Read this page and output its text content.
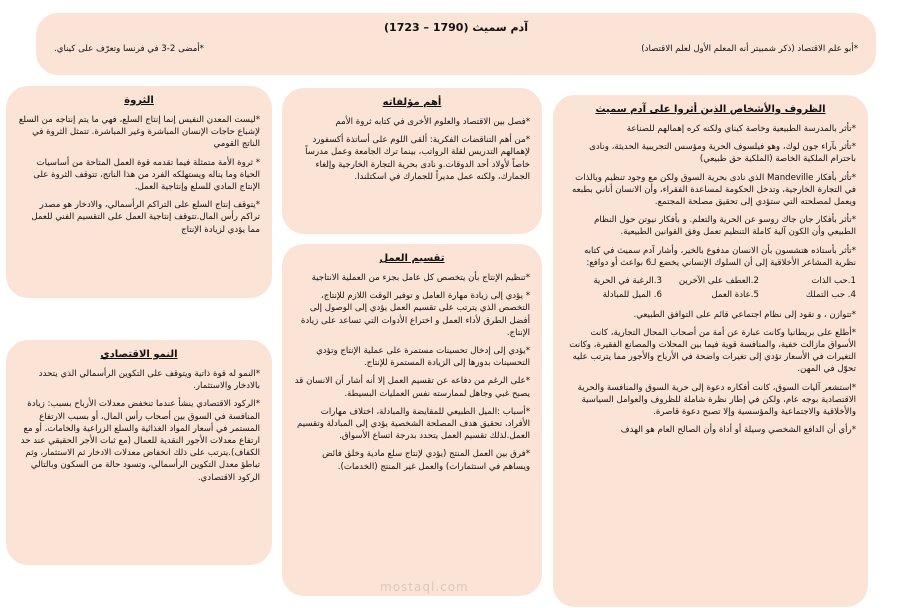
آدم سميث (1790 – 1723)
*أبو علم الاقتصاد (ذكر شمبيتر أنه المعلم الأول لعلم الاقتصاد)
*أمضى 2-3 في فرنسا وتعرّف على كيناي.
الظروف والأشخاص الذين أثروا على آدم سميث

*تأثر بالمدرسة الطبيعية وخاصة كيناي ولكنه كره إهمالهم للصناعة

*تأثر بآراء جون لوك، وهو فيلسوف الحرية ومؤسس التجريبية الحديثة، ونادى باحترام الملكية الخاصة (الملكية حق طبيعي)

*تأثر بأفكار Mandeville الذي نادى بحرية السوق ولكن مع وجود تنظيم وبالذات في التجارة الخارجية، وتدخل الحكومة لمساعدة الفقراء، وأن الانسان أناني بطبعه ويعمل لمصلحته التي ستؤدي إلى تحقيق مصلحة المجتمع.

*تأثر بأفكار جان جاك روسو عن الحرية والتعلم. و بأفكار نيوتن حول النظام الطبيعي وأن الكون آلية كاملة التنظيم تعمل وفق القوانين الطبيعية.

*تأثر بأستاذه هتشسون بأن الانسان مدفوع بالخير، وأشار آدم سميث في كتابه نظرية المشاعر الأخلاقية إلى أن السلوك الإنساني يخضع لـ6 بواعث أو دوافع:

1.حب الذات
2.العطف على الآخرين
3.الرغبة في الحرية
4. حب التملك
5.عادة العمل
6. الميل للمبادلة

*تتوازن ، و تقود إلى نظام اجتماعي قائم على التوافق الطبيعي.

*أطلع على بريطانيا وكانت عبارة عن أمة من أصحاب المحال التجارية، كانت الأسواق مازالت خفية، والمنافسة قوية فيما بين المحلات والمصانع الفقيرة، وكانت التغيرات في الأسعار تؤدي إلى تغيرات واضحة في الأرباح والأجور مما يترتب عليه تحوّل في المهن.

*استشعر آليات السوق، كانت أفكاره دعوة إلى حرية السوق والمنافسة والحرية الاقتصادية بوجه عام، ولكن في إطار نظرة شاملة للظروف والعوامل السياسية والأخلاقية والاجتماعية والمؤسسية وإلا تصبح دعوة قاصرة.

*رأي أن الدافع الشخصي وسيلة أو أداة وأن الصالح العام هو الهدف

أهم مؤلفاته

*فصل بين الاقتصاد والعلوم الأخرى في كتابه ثروة الأمم

*من أهم التناقضات الفكرية: ألقى اللوم على أساتذة أكسفورد لإهمالهم التدريس لقلة الرواتب، بينما ترك الجامعة وعمل مدرساً خاصاً لأولاد أحد الدوقات.و نادى بحرية التجارة الخارجية وإلغاء الجمارك، ولكنه عمل مديراً للجمارك في اسكتلندا.

تقسيم العمل

*تنظيم الإنتاج بأن يتخصص كل عامل بجزء من العملية الانتاجية

* يؤدي إلى زيادة مهارة العامل و توفير الوقت اللازم للإنتاج، التخصص الذي يترتب على تقسيم العمل يؤدي إلى الوصول إلى أفضل الطرق لأداء العمل و اختراع الأدوات التي تساعد على زيادة الإنتاج.

*يؤدي إلى إدخال تحسينات مستمرة على عملية الإنتاج وتؤدي التحسينات بدورها إلى الزيادة المستمرة للإنتاج.

*على الرغم من دفاعه عن تقسيم العمل إلا أنه أشار أن الانسان قد يصبح غبي وجاهل لممارسته نفس العمليات البسيطة.

*أسباب :الميل الطبيعي للمقايضة والمبادلة، اختلاف مهارات الأفراد، تحقيق هدف المصلحة الشخصية يؤدي إلى المبادلة وتقسيم العمل.لذلك تقسيم العمل يتحدد بدرجة اتساع الأسواق.

*فرق بين العمل المنتج (يؤدي لإنتاج سلع مادية وخلق فائض ويساهم في استثمارات) والعمل غير المنتج (الخدمات).

الثروة

*ليست المعدن النفيس إنما إنتاج السلع، فهي ما يتم إنتاجه من السلع لإشباع حاجات الإنسان المباشرة وغير المباشرة. تتمثل الثروة في الناتج القومي

* ثروة الأمة متمثلة فيما تقدمه قوة العمل المتاحة من أساسيات الحياة وما يناله ويستهلكه الفرد من هذا الناتج، تتوقف الثروة على الإنتاج المادي للسلع وإنتاجية العمل.

*يتوقف إنتاج السلع على التراكم الرأسمالي، والادخار هو مصدر تراكم رأس المال.تتوقف إنتاجية العمل على التقسيم الفني للعمل مما يؤدي لزيادة الإنتاج

النمو الاقتصادي

*النمو له قوة ذاتية ويتوقف على التكوين الرأسمالي الذي يتحدد بالادخار والاستثمار.

*الركود الاقتصادي ينشأ عندما تنخفض معدلات الأرباح بسبب: زيادة المنافسة في السوق بين أصحاب رأس المال، أو بسبب الارتفاع المستمر في أسعار المواد الغذائية والسلع الزراعية والخامات، أو مع ارتفاع معدلات الأجور النقدية للعمال (مع ثبات الأجر الحقيقي عند حد الكفاف).يترتب على ذلك انخفاض معدلات الادخار ثم الاستثمار، وثم تباطؤ معدل التكوين الرأسمالي، وتسود حالة من السكون وبالتالي الركود الاقتصادي.

mostaql.com
